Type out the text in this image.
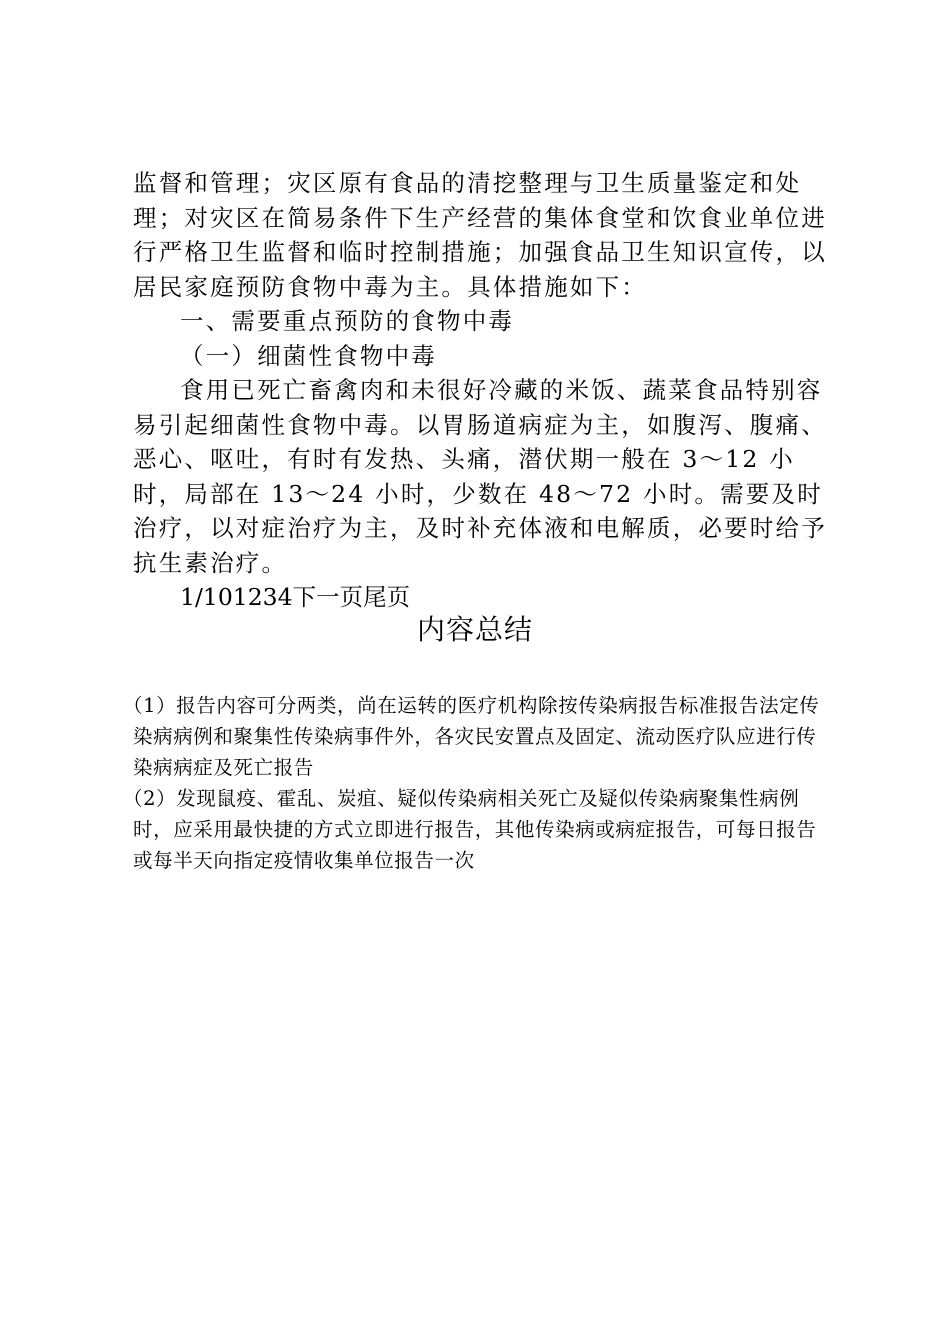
监督和管理；灾区原有食品的清挖整理与卫生质量鉴定和处理；对灾区在简易条件下生产经营的集体食堂和饮食业单位进行严格卫生监督和临时控制措施；加强食品卫生知识宣传，以居民家庭预防食物中毒为主。具体措施如下：

一、需要重点预防的食物中毒

（一）细菌性食物中毒

食用已死亡畜禽肉和未很好冷藏的米饭、蔬菜食品特别容易引起细菌性食物中毒。以胃肠道病症为主，如腹泻、腹痛、恶心、呕吐，有时有发热、头痛，潜伏期一般在 3～12 小时，局部在 13～24 小时，少数在 48～72 小时。需要及时治疗，以对症治疗为主，及时补充体液和电解质，必要时给予抗生素治疗。

1/101234下一页尾页

内容总结

（1）报告内容可分两类，尚在运转的医疗机构除按传染病报告标准报告法定传染病病例和聚集性传染病事件外，各灾民安置点及固定、流动医疗队应进行传染病病症及死亡报告

（2）发现鼠疫、霍乱、炭疽、疑似传染病相关死亡及疑似传染病聚集性病例时，应采用最快捷的方式立即进行报告，其他传染病或病症报告，可每日报告或每半天向指定疫情收集单位报告一次
